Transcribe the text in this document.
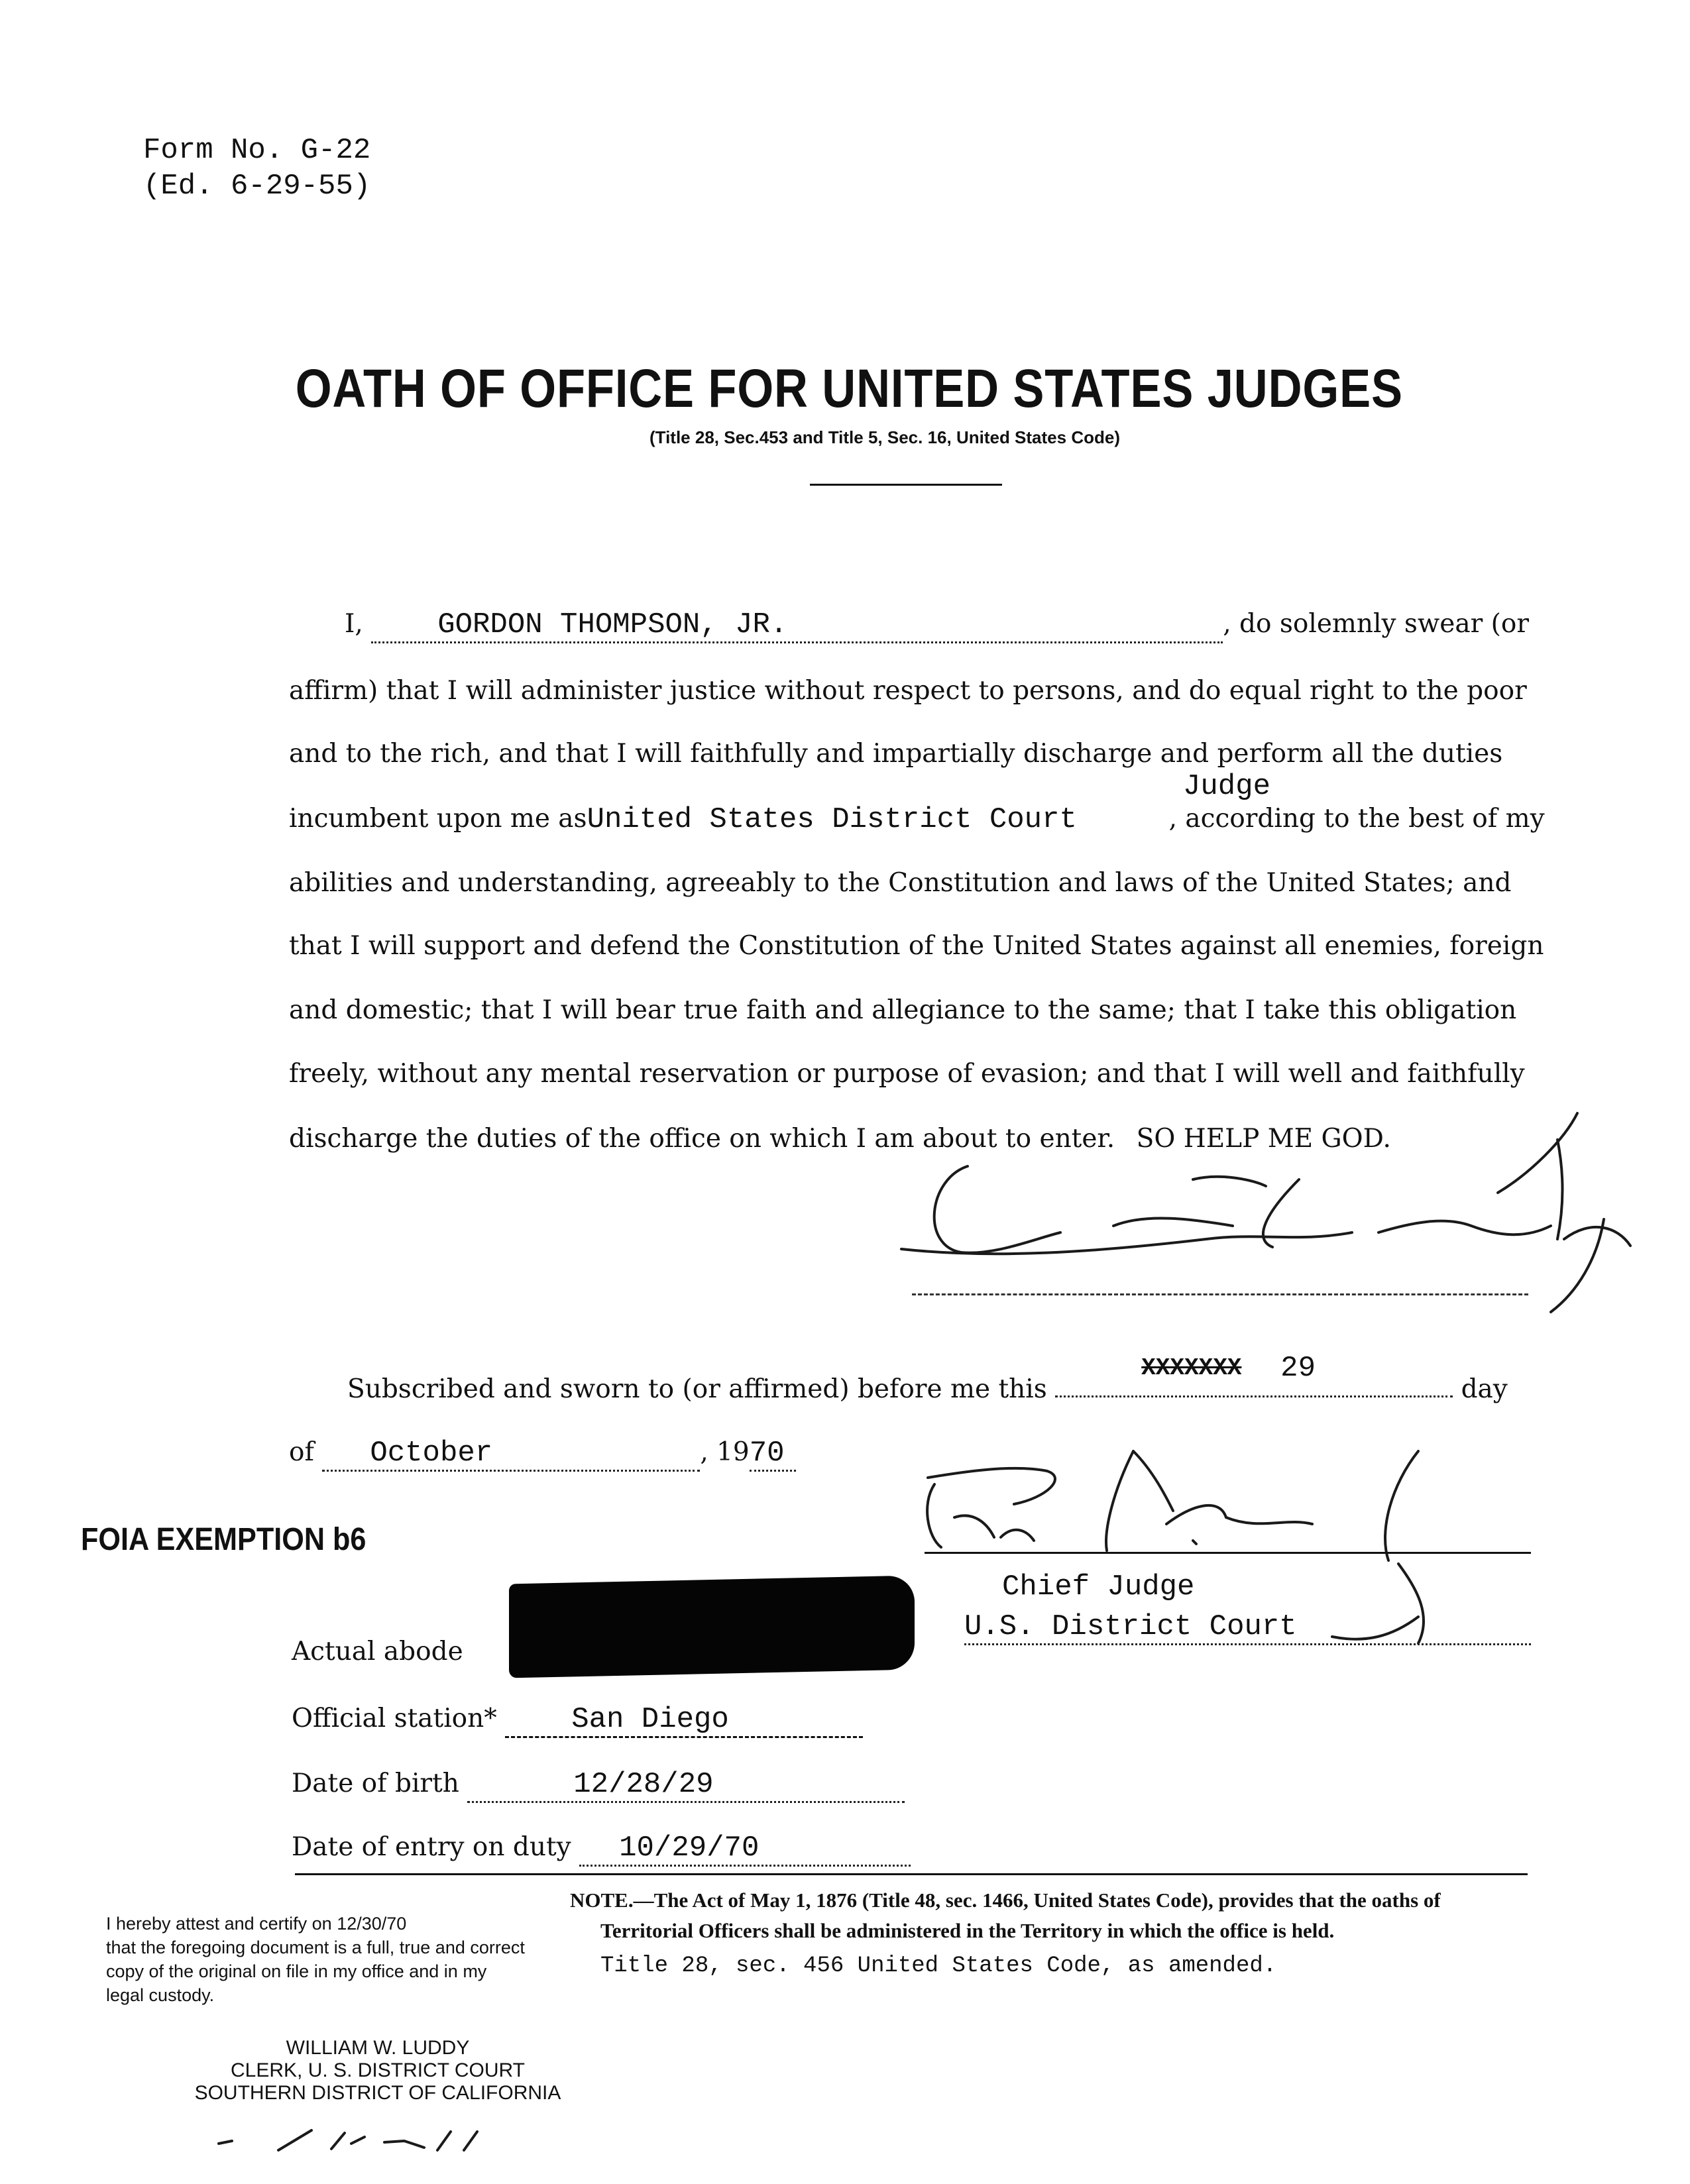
Form No. G-22
(Ed. 6-29-55)
OATH OF OFFICE FOR UNITED STATES JUDGES
(Title 28, Sec.453 and Title 5, Sec. 16, United States Code)
I,	GORDON THOMPSON, JR.	, do solemnly swear (or
affirm) that I will administer justice without respect to persons, and do equal right to the poor
and to the rich, and that I will faithfully and impartially discharge and perform all the duties
Judge
incumbent upon me asUnited States District Court	, according to the best of my
abilities and understanding, agreeably to the Constitution and laws of the United States; and
that I will support and defend the Constitution of the United States against all enemies, foreign
and domestic; that I will bear true faith and allegiance to the same; that I take this obligation
freely, without any mental reservation or purpose of evasion; and that I will well and faithfully
discharge the duties of the office on which I am about to enter. SO HELP ME GOD.
Subscribed and sworn to (or affirmed) before me this
XXXXXXX 29
day
of October	, 1970
Chief Judge
U.S. District Court
FOIA EXEMPTION b6
Actual abode
Official station*	San Diego
Date of birth	12/28/29
Date of entry on duty 10/29/70
NOTE.—The Act of May 1, 1876 (Title 48, sec. 1466, United States Code), provides that the oaths of
Territorial Officers shall be administered in the Territory in which the office is held.
Title 28, sec. 456 United States Code, as amended.
I hereby attest and certify on 12/30/70
that the foregoing document is a full, true and correct
copy of the original on file in my office and in my
legal custody.
WILLIAM W. LUDDY
CLERK, U. S. DISTRICT COURT
SOUTHERN DISTRICT OF CALIFORNIA
